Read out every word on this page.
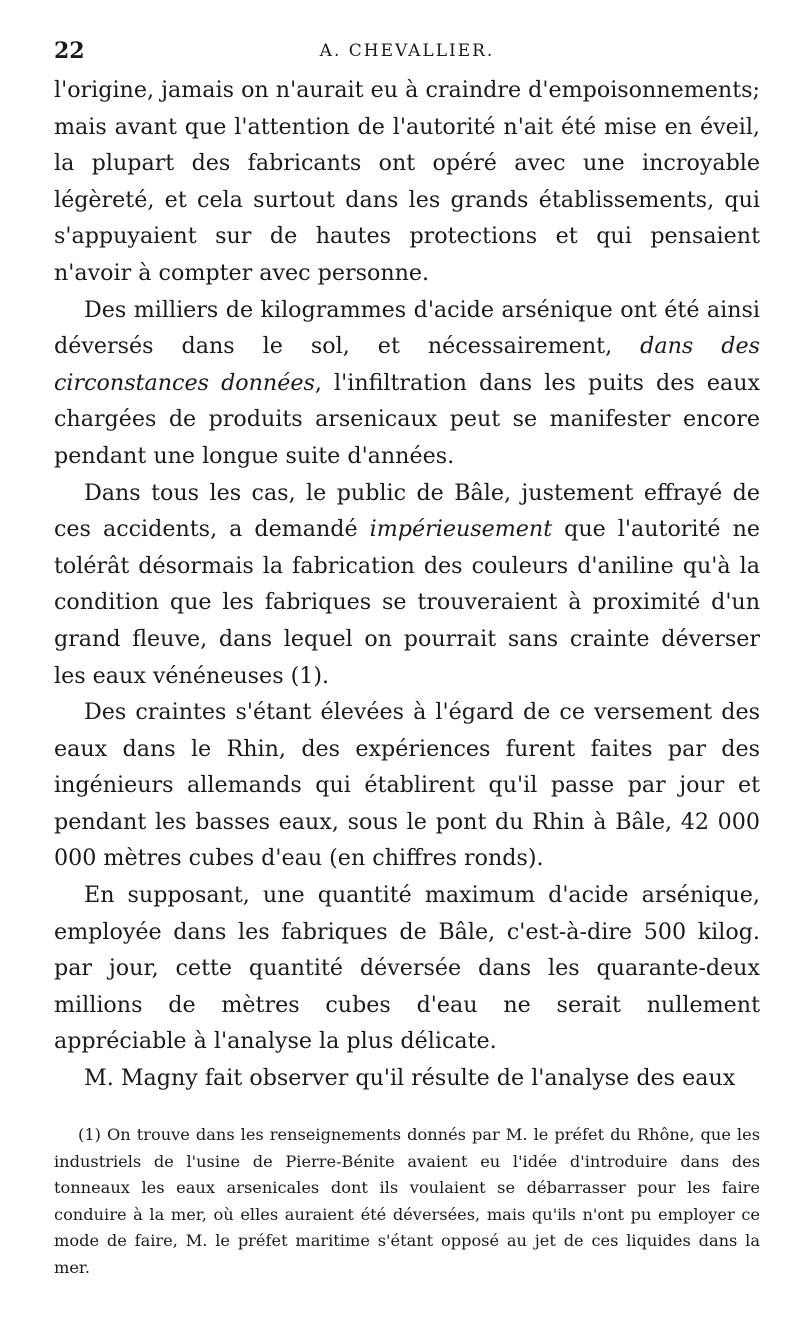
22	A. CHEVALLIER.

l'origine, jamais on n'aurait eu à craindre d'empoisonnements; mais avant que l'attention de l'autorité n'ait été mise en éveil, la plupart des fabricants ont opéré avec une incroyable légèreté, et cela surtout dans les grands établissements, qui s'appuyaient sur de hautes protections et qui pensaient n'avoir à compter avec personne.

Des milliers de kilogrammes d'acide arsénique ont été ainsi déversés dans le sol, et nécessairement, dans des circonstances données, l'infiltration dans les puits des eaux chargées de produits arsenicaux peut se manifester encore pendant une longue suite d'années.

Dans tous les cas, le public de Bâle, justement effrayé de ces accidents, a demandé impérieusement que l'autorité ne tolérât désormais la fabrication des couleurs d'aniline qu'à la condition que les fabriques se trouveraient à proximité d'un grand fleuve, dans lequel on pourrait sans crainte déverser les eaux vénéneuses (1).

Des craintes s'étant élevées à l'égard de ce versement des eaux dans le Rhin, des expériences furent faites par des ingénieurs allemands qui établirent qu'il passe par jour et pendant les basses eaux, sous le pont du Rhin à Bâle, 42 000 000 mètres cubes d'eau (en chiffres ronds).

En supposant, une quantité maximum d'acide arsénique, employée dans les fabriques de Bâle, c'est-à-dire 500 kilog. par jour, cette quantité déversée dans les quarante-deux millions de mètres cubes d'eau ne serait nullement appréciable à l'analyse la plus délicate.

M. Magny fait observer qu'il résulte de l'analyse des eaux

(1) On trouve dans les renseignements donnés par M. le préfet du Rhône, que les industriels de l'usine de Pierre-Bénite avaient eu l'idée d'introduire dans des tonneaux les eaux arsenicales dont ils voulaient se débarrasser pour les faire conduire à la mer, où elles auraient été déversées, mais qu'ils n'ont pu employer ce mode de faire, M. le préfet maritime s'étant opposé au jet de ces liquides dans la mer.
